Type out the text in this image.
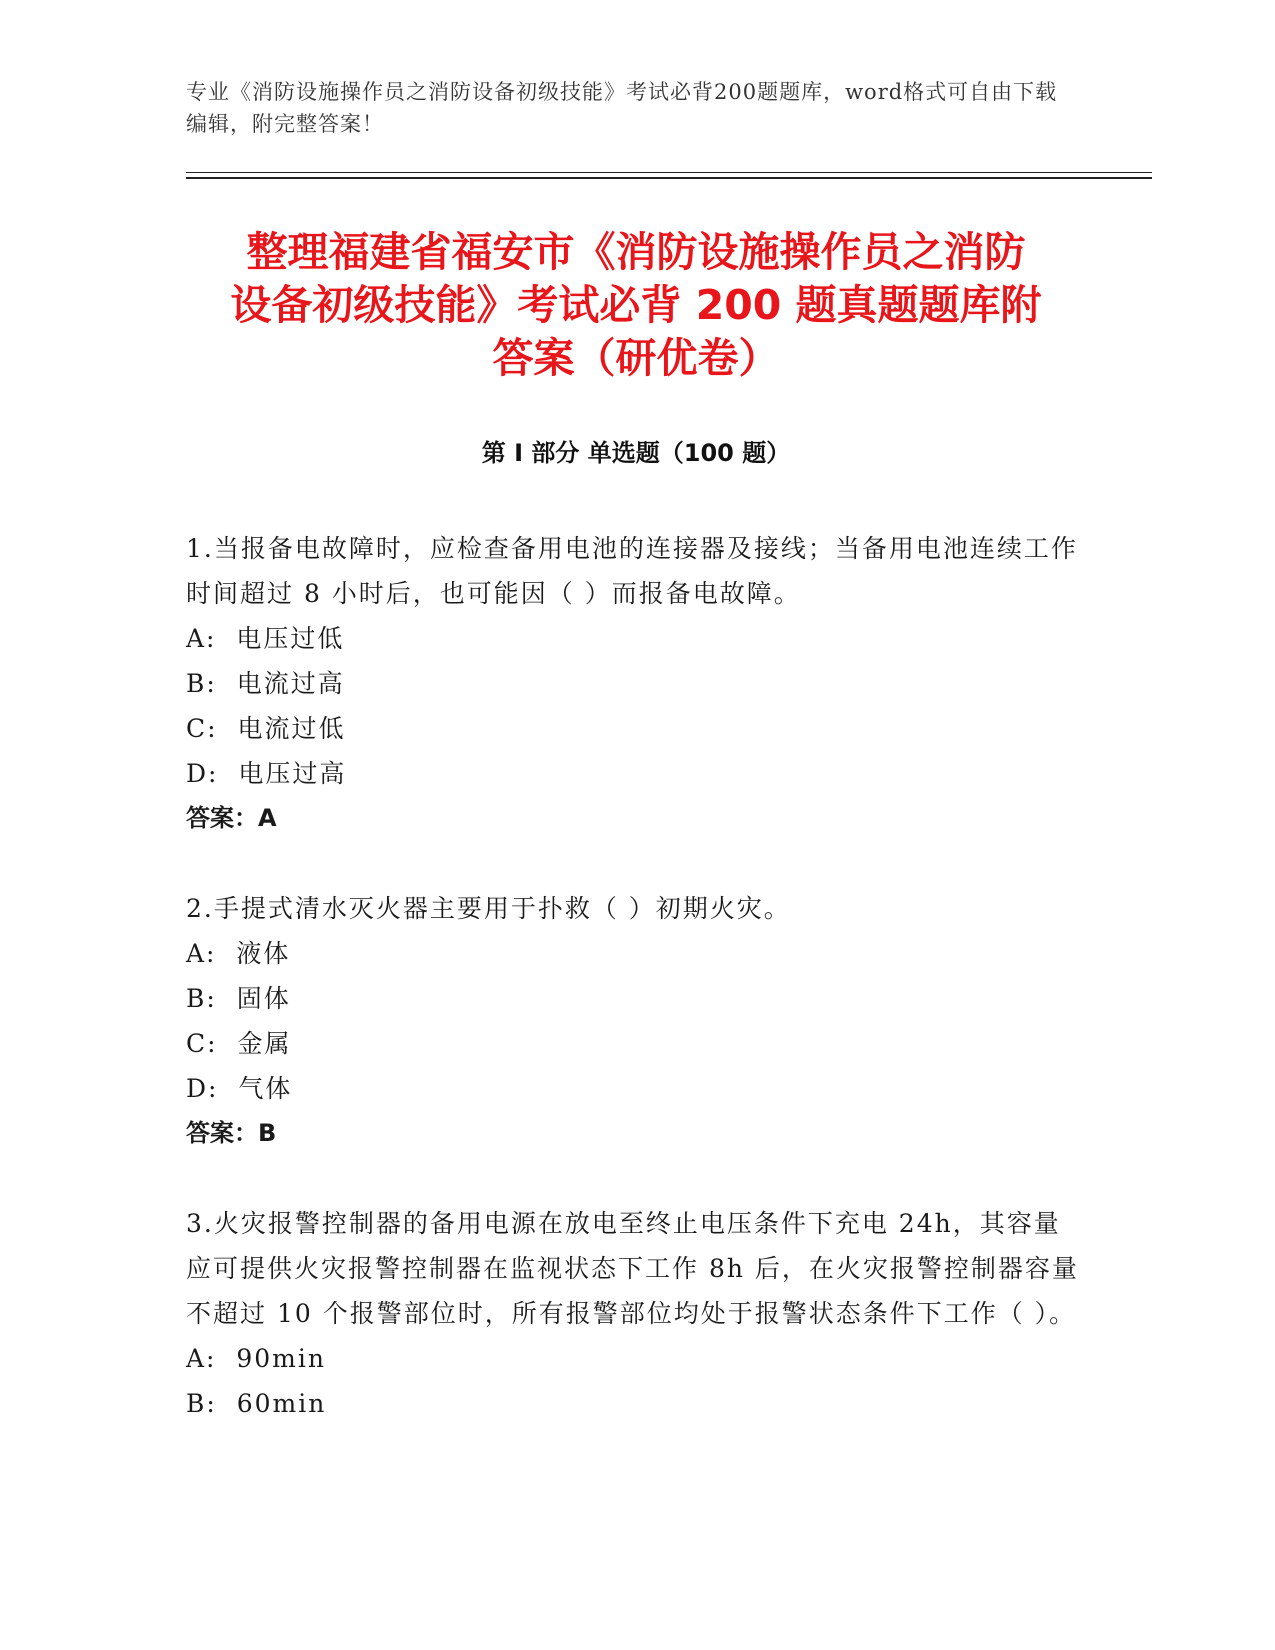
专业《消防设施操作员之消防设备初级技能》考试必背200题题库，word格式可自由下载编辑，附完整答案！
整理福建省福安市《消防设施操作员之消防
设备初级技能》考试必背 200 题真题题库附
答案（研优卷）
第 I 部分 单选题（100 题）

1.当报备电故障时，应检查备用电池的连接器及接线；当备用电池连续工作时间超过 8 小时后，也可能因（ ）而报备电故障。

A:  电压过低

B:  电流过高

C:  电流过低

D:  电压过高

答案：A

2.手提式清水灭火器主要用于扑救（ ）初期火灾。

A:  液体

B:  固体

C:  金属

D:  气体

答案：B

3.火灾报警控制器的备用电源在放电至终止电压条件下充电 24h，其容量应可提供火灾报警控制器在监视状态下工作 8h 后，在火灾报警控制器容量不超过 10 个报警部位时，所有报警部位均处于报警状态条件下工作（ ）。

A:  90min

B:  60min
